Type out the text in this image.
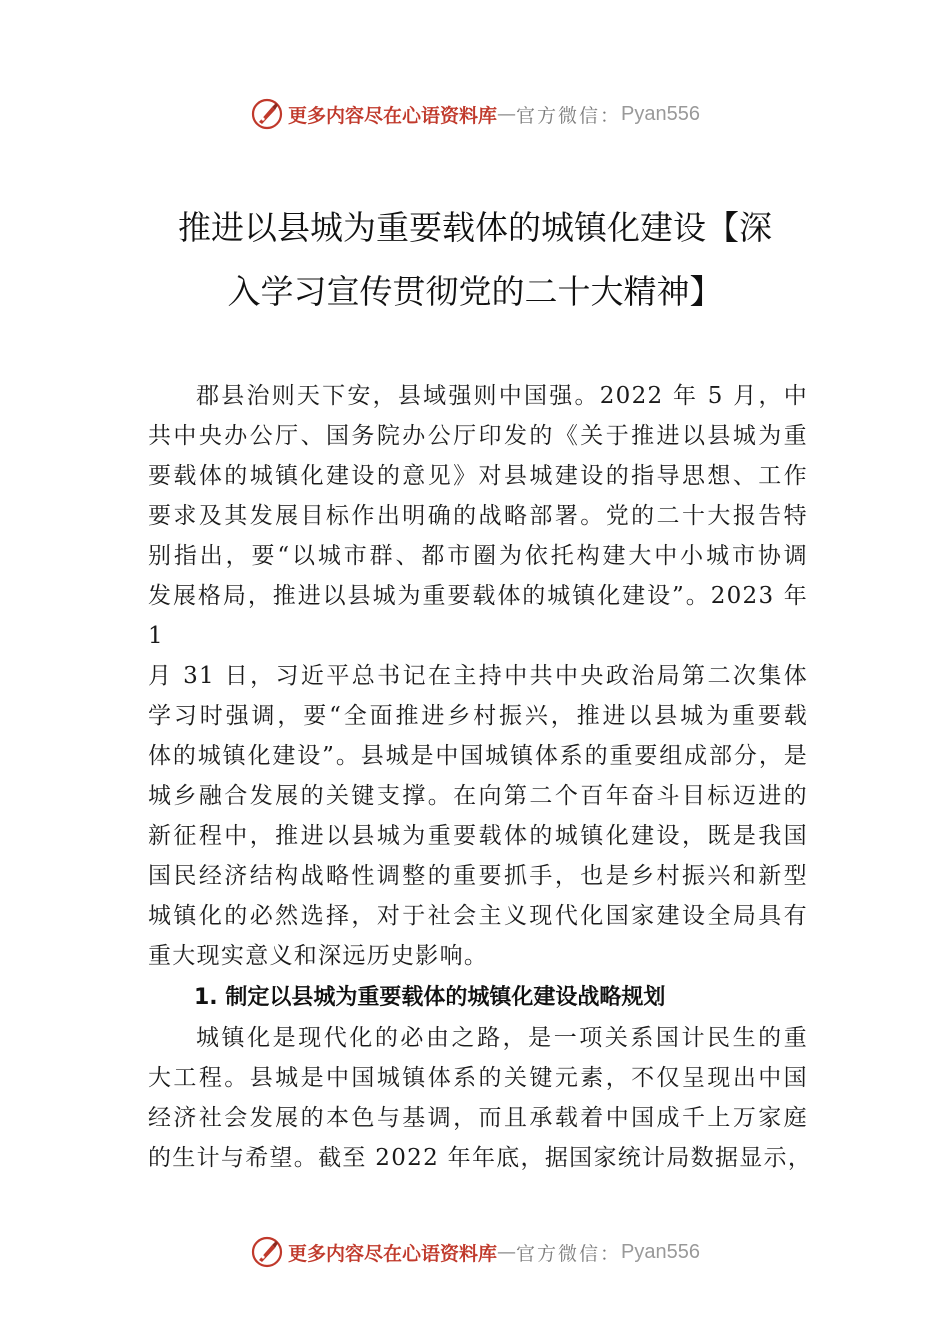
更多内容尽在心语资料库 — 官方微信： Pyan556
推进以县城为重要载体的城镇化建设【深
入学习宣传贯彻党的二十大精神】
郡县治则天下安，县域强则中国强。2022 年 5 月，中
共中央办公厅、国务院办公厅印发的《关于推进以县城为重
要载体的城镇化建设的意见》对县城建设的指导思想、工作
要求及其发展目标作出明确的战略部署。党的二十大报告特
别指出，要“以城市群、都市圈为依托构建大中小城市协调
发展格局，推进以县城为重要载体的城镇化建设”。2023 年
1
月 31 日，习近平总书记在主持中共中央政治局第二次集体
学习时强调，要“全面推进乡村振兴，推进以县城为重要载
体的城镇化建设”。县城是中国城镇体系的重要组成部分，是
城乡融合发展的关键支撑。在向第二个百年奋斗目标迈进的
新征程中，推进以县城为重要载体的城镇化建设，既是我国
国民经济结构战略性调整的重要抓手，也是乡村振兴和新型
城镇化的必然选择，对于社会主义现代化国家建设全局具有
重大现实意义和深远历史影响。
1. 制定以县城为重要载体的城镇化建设战略规划
城镇化是现代化的必由之路，是一项关系国计民生的重
大工程。县城是中国城镇体系的关键元素，不仅呈现出中国
经济社会发展的本色与基调，而且承载着中国成千上万家庭
的生计与希望。截至 2022 年年底，据国家统计局数据显示，
更多内容尽在心语资料库 — 官方微信： Pyan556
